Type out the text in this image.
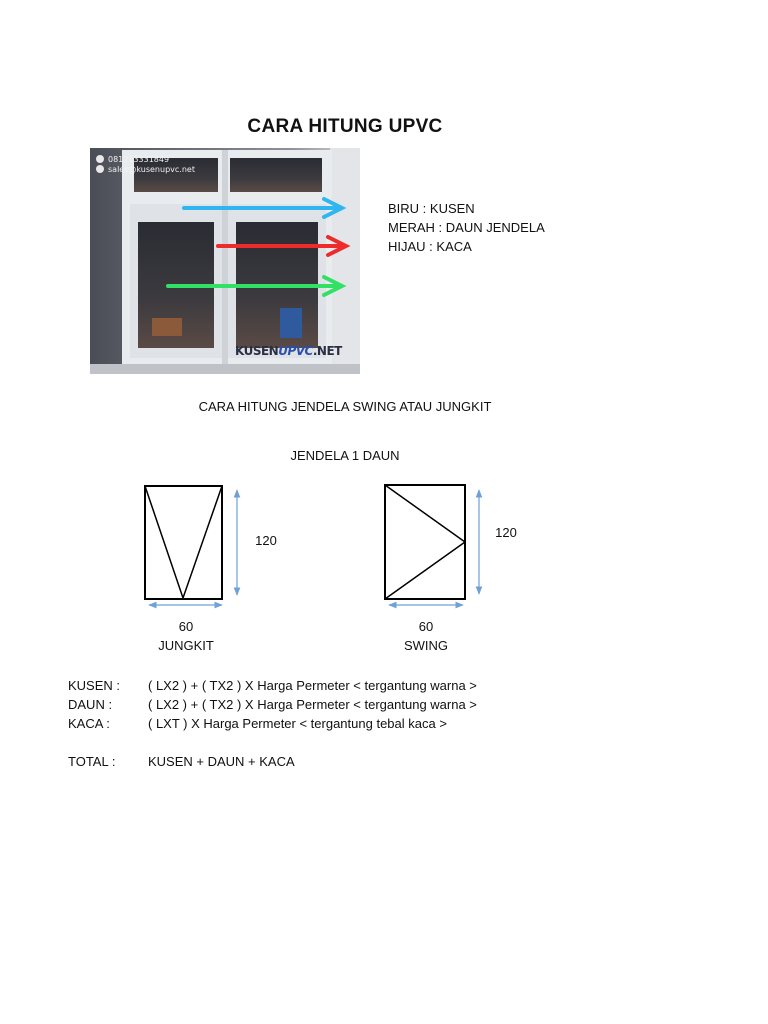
CARA HITUNG UPVC
081213331849
sales@kusenupvc.net
KUSENUPVC.NET
BIRU : KUSEN
MERAH : DAUN JENDELA
HIJAU : KACA
CARA HITUNG JENDELA SWING ATAU JUNGKIT
JENDELA 1 DAUN
120
60
JUNGKIT
120
60
SWING
KUSEN : ( LX2 ) + ( TX2 ) X Harga Permeter < tergantung warna >
DAUN :	( LX2 ) + ( TX2 ) X Harga Permeter < tergantung warna >
KACA :	( LXT ) X Harga Permeter < tergantung tebal kaca >
TOTAL :	KUSEN + DAUN + KACA
